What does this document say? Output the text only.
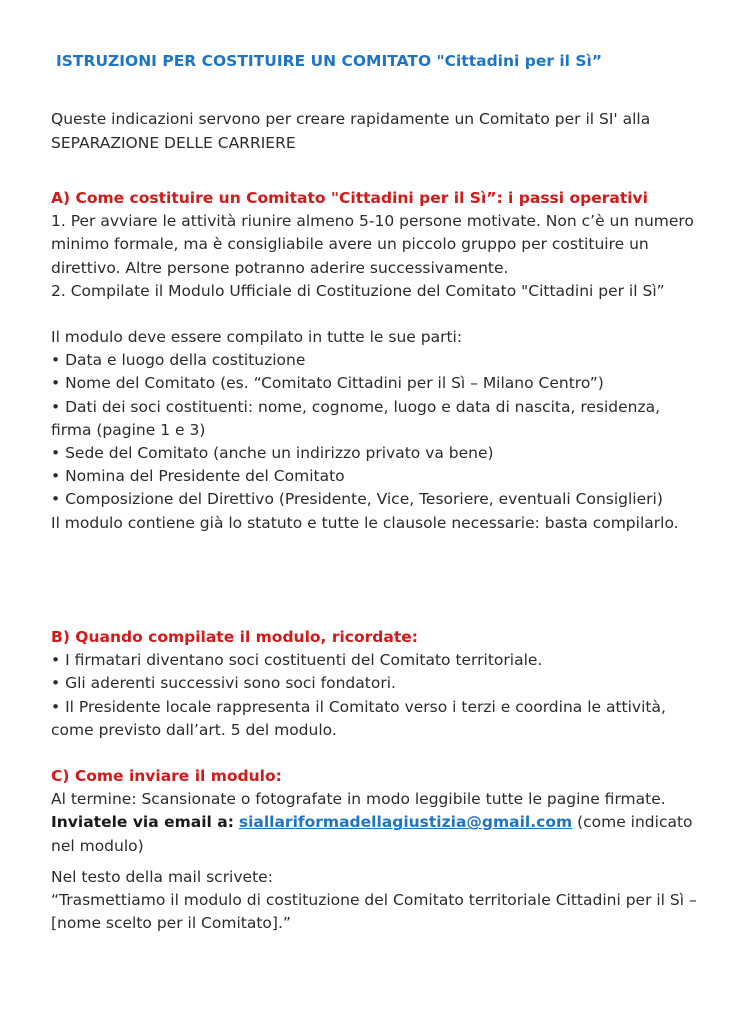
ISTRUZIONI PER COSTITUIRE UN COMITATO "Cittadini per il Sì”
Queste indicazioni servono per creare rapidamente un Comitato per il SI' alla SEPARAZIONE DELLE CARRIERE
A) Come costituire un Comitato "Cittadini per il Sì”: i passi operativi

1. Per avviare le attività riunire almeno 5-10 persone motivate. Non c’è un numero minimo formale, ma è consigliabile avere un piccolo gruppo per costituire un direttivo. Altre persone potranno aderire successivamente.

2. Compilate il Modulo Ufficiale di Costituzione del Comitato "Cittadini per il Sì”

Il modulo deve essere compilato in tutte le sue parti:

• Data e luogo della costituzione

• Nome del Comitato (es. “Comitato Cittadini per il Sì – Milano Centro”)

• Dati dei soci costituenti: nome, cognome, luogo e data di nascita, residenza, firma (pagine 1 e 3)

• Sede del Comitato (anche un indirizzo privato va bene)

• Nomina del Presidente del Comitato

• Composizione del Direttivo (Presidente, Vice, Tesoriere, eventuali Consiglieri)

Il modulo contiene già lo statuto e tutte le clausole necessarie: basta compilarlo.

B) Quando compilate il modulo, ricordate:

• I firmatari diventano soci costituenti del Comitato territoriale.

• Gli aderenti successivi sono soci fondatori.

• Il Presidente locale rappresenta il Comitato verso i terzi e coordina le attività, come previsto dall’art. 5 del modulo.

C) Come inviare il modulo:

Al termine: Scansionate o fotografate in modo leggibile tutte le pagine firmate.

Inviatele via email a: siallariformadellagiustizia@gmail.com (come indicato nel modulo)

Nel testo della mail scrivete:

“Trasmettiamo il modulo di costituzione del Comitato territoriale Cittadini per il Sì – [nome scelto per il Comitato].”
